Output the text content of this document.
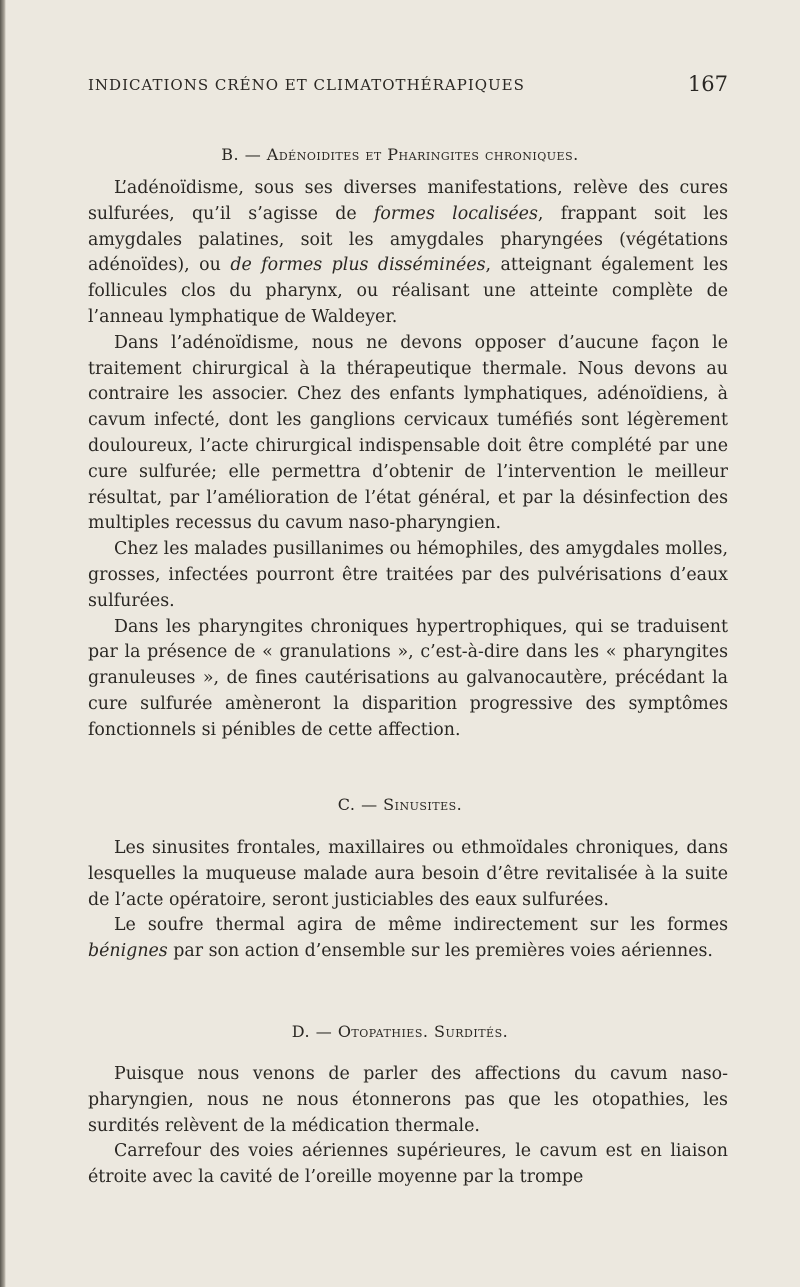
INDICATIONS CRÉNO ET CLIMATOTHÉRAPIQUES	167
B. — Adénoidites et Pharingites chroniques.

L’adénoïdisme, sous ses diverses manifestations, relève des cures sulfurées, qu’il s’agisse de formes localisées, frappant soit les amygdales palatines, soit les amygdales pharyngées (végétations adénoïdes), ou de formes plus disséminées, atteignant également les follicules clos du pharynx, ou réalisant une atteinte complète de l’anneau lymphatique de Waldeyer.

Dans l’adénoïdisme, nous ne devons opposer d’aucune façon le traitement chirurgical à la thérapeutique thermale. Nous devons au contraire les associer. Chez des enfants lymphatiques, adénoïdiens, à cavum infecté, dont les ganglions cervicaux tuméfiés sont légèrement douloureux, l’acte chirurgical indispensable doit être complété par une cure sulfurée; elle permettra d’obtenir de l’intervention le meilleur résultat, par l’amélioration de l’état général, et par la désinfection des multiples recessus du cavum naso-pharyngien.

Chez les malades pusillanimes ou hémophiles, des amygdales molles, grosses, infectées pourront être traitées par des pulvérisations d’eaux sulfurées.

Dans les pharyngites chroniques hypertrophiques, qui se traduisent par la présence de « granulations », c’est-à-dire dans les « pharyngites granuleuses », de fines cautérisations au galvanocautère, précédant la cure sulfurée amèneront la disparition progressive des symptômes fonctionnels si pénibles de cette affection.

C. — Sinusites.

Les sinusites frontales, maxillaires ou ethmoïdales chroniques, dans lesquelles la muqueuse malade aura besoin d’être revitalisée à la suite de l’acte opératoire, seront justiciables des eaux sulfurées.

Le soufre thermal agira de même indirectement sur les formes bénignes par son action d’ensemble sur les premières voies aériennes.

D. — Otopathies. Surdités.

Puisque nous venons de parler des affections du cavum naso-pharyngien, nous ne nous étonnerons pas que les otopathies, les surdités relèvent de la médication thermale.

Carrefour des voies aériennes supérieures, le cavum est en liaison étroite avec la cavité de l’oreille moyenne par la trompe
